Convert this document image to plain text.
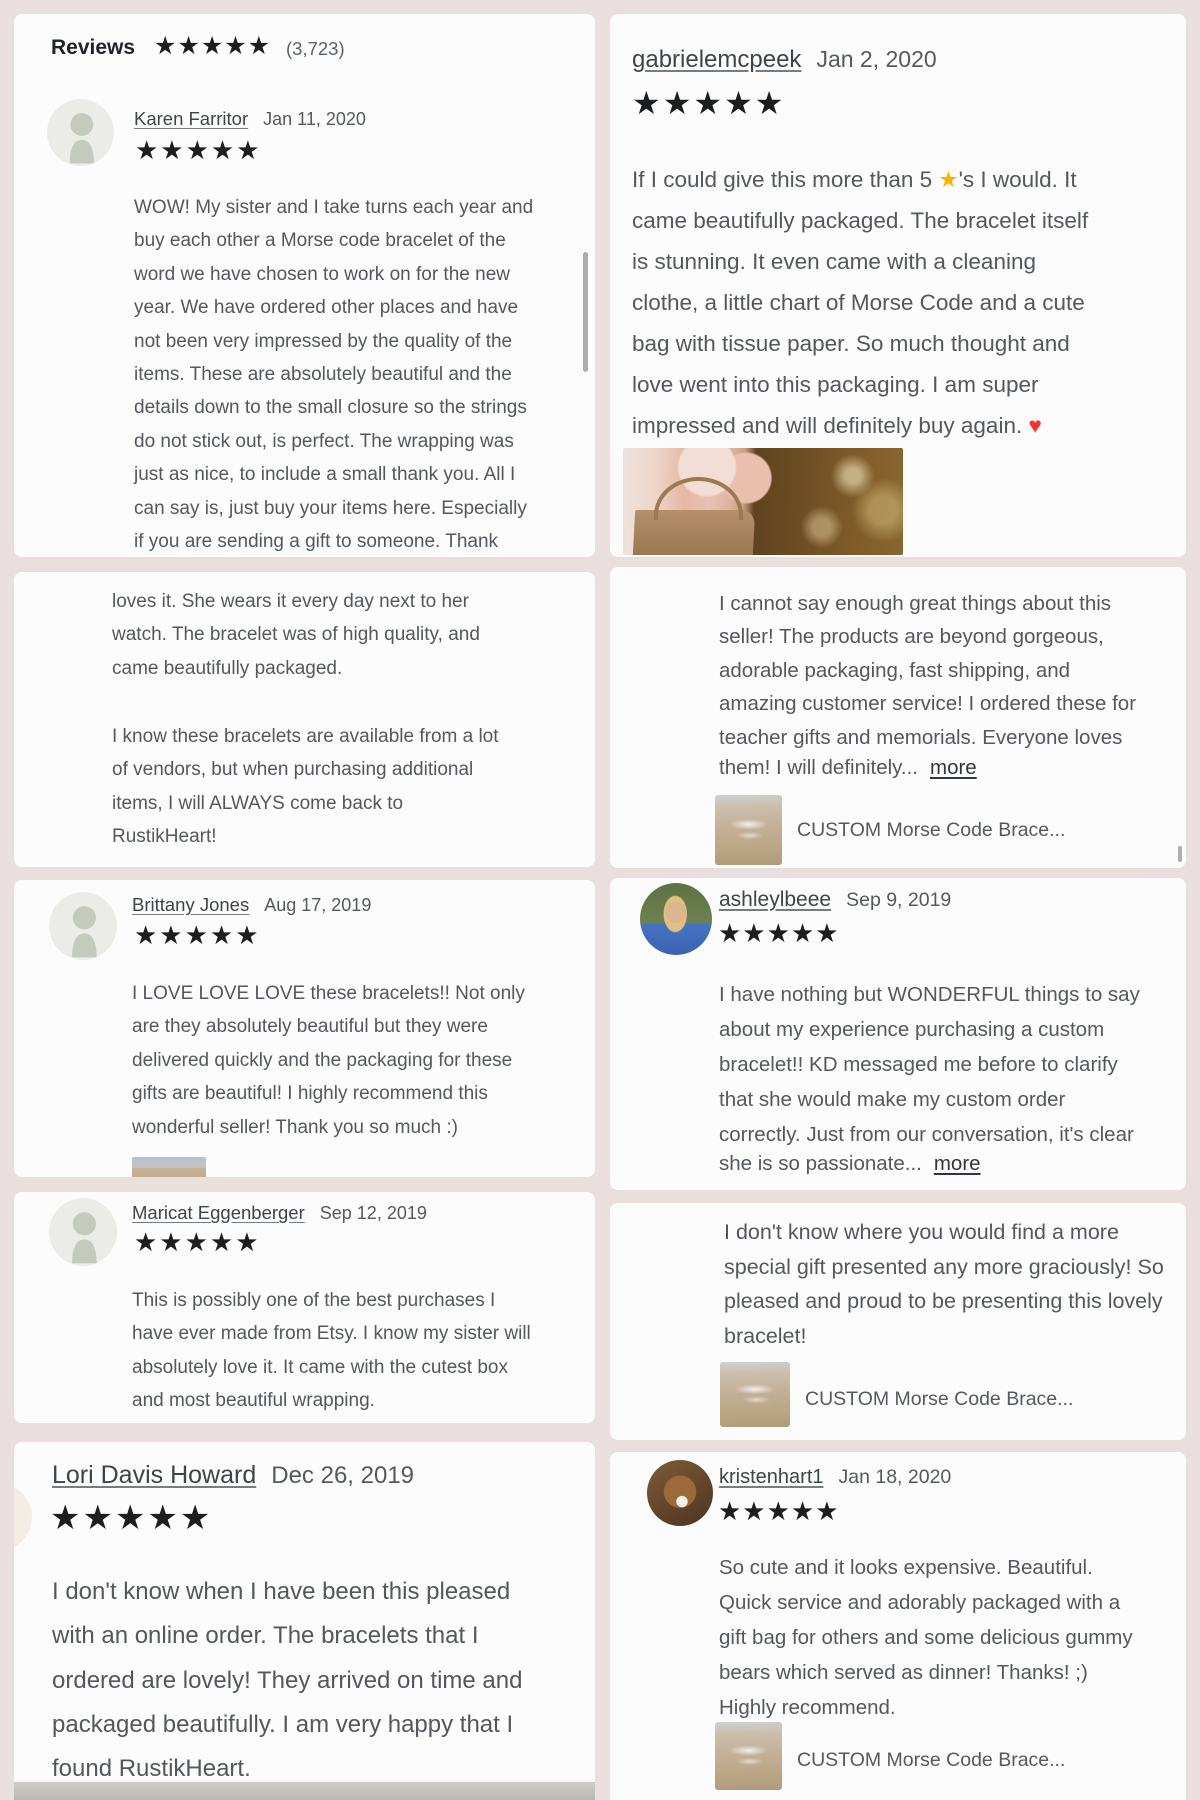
Reviews ★★★★★ (3,723)
Karen Farritor Jan 11, 2020
★★★★★
WOW! My sister and I take turns each year and
buy each other a Morse code bracelet of the
word we have chosen to work on for the new
year. We have ordered other places and have
not been very impressed by the quality of the
items. These are absolutely beautiful and the
details down to the small closure so the strings
do not stick out, is perfect. The wrapping was
just as nice, to include a small thank you. All I
can say is, just buy your items here. Especially
if you are sending a gift to someone. Thank
loves it. She wears it every day next to her
watch. The bracelet was of high quality, and
came beautifully packaged.
I know these bracelets are available from a lot
of vendors, but when purchasing additional
items, I will ALWAYS come back to
RustikHeart!
Brittany Jones Aug 17, 2019
★★★★★
I LOVE LOVE LOVE these bracelets!! Not only
are they absolutely beautiful but they were
delivered quickly and the packaging for these
gifts are beautiful! I highly recommend this
wonderful seller! Thank you so much :)
Maricat Eggenberger Sep 12, 2019
★★★★★
This is possibly one of the best purchases I
have ever made from Etsy. I know my sister will
absolutely love it. It came with the cutest box
and most beautiful wrapping.
Lori Davis Howard Dec 26, 2019
★★★★★
I don't know when I have been this pleased
with an online order. The bracelets that I
ordered are lovely! They arrived on time and
packaged beautifully. I am very happy that I
found RustikHeart.
gabrielemcpeek Jan 2, 2020
★★★★★
If I could give this more than 5 ★'s I would. It
came beautifully packaged. The bracelet itself
is stunning. It even came with a cleaning
clothe, a little chart of Morse Code and a cute
bag with tissue paper. So much thought and
love went into this packaging. I am super
impressed and will definitely buy again. ♥
I cannot say enough great things about this
seller! The products are beyond gorgeous,
adorable packaging, fast shipping, and
amazing customer service! I ordered these for
teacher gifts and memorials. Everyone loves
them! I will definitely... more
CUSTOM Morse Code Brace...
ashleylbeee Sep 9, 2019
★★★★★
I have nothing but WONDERFUL things to say
about my experience purchasing a custom
bracelet!! KD messaged me before to clarify
that she would make my custom order
correctly. Just from our conversation, it's clear
she is so passionate... more
I don't know where you would find a more
special gift presented any more graciously! So
pleased and proud to be presenting this lovely
bracelet!
CUSTOM Morse Code Brace...
kristenhart1 Jan 18, 2020
★★★★★
So cute and it looks expensive. Beautiful.
Quick service and adorably packaged with a
gift bag for others and some delicious gummy
bears which served as dinner! Thanks! ;)
Highly recommend.
CUSTOM Morse Code Brace...
